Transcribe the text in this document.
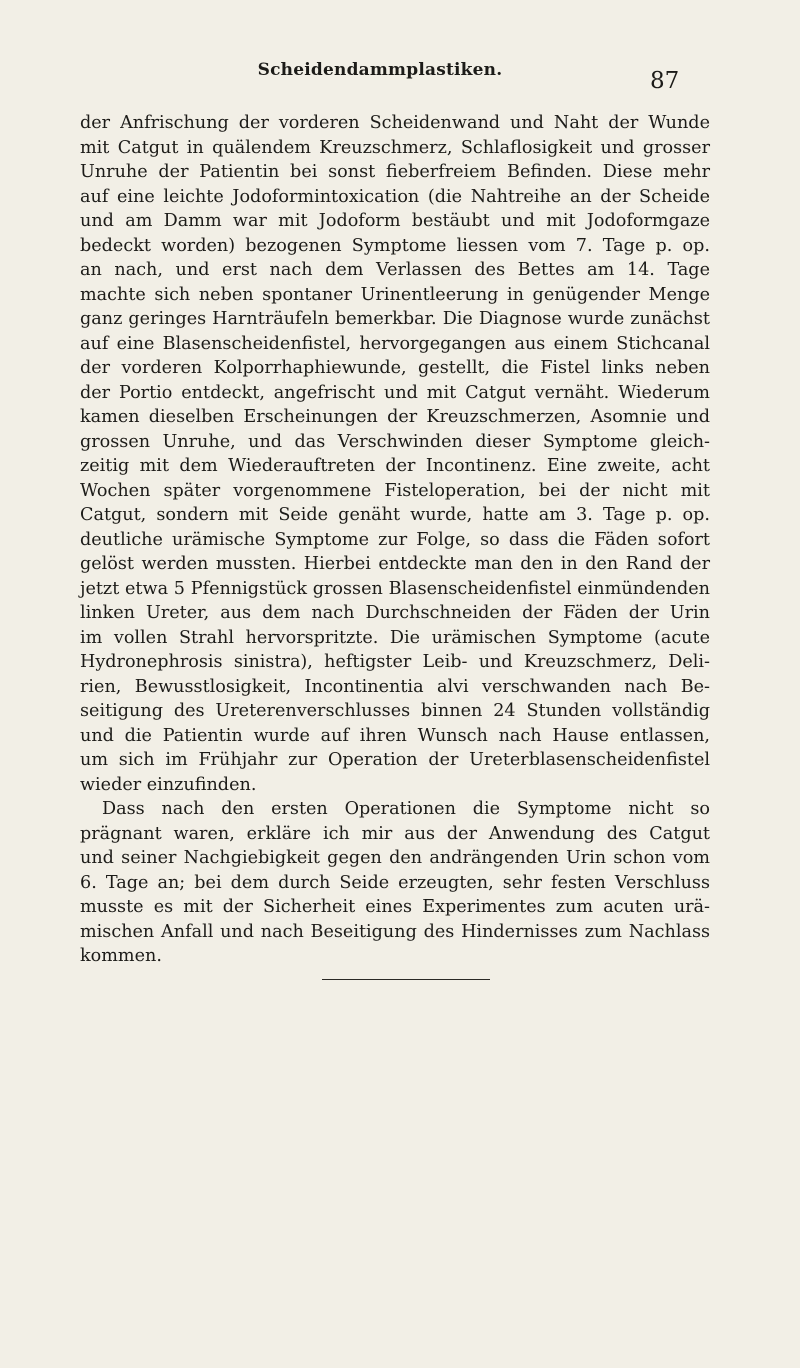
Scheidendammplastiken.	87
der Anfrischung der vorderen Scheidenwand und Naht der Wunde
mit Catgut in quälendem Kreuzschmerz, Schlaflosigkeit und grosser
Unruhe der Patientin bei sonst fieberfreiem Befinden. Diese mehr
auf eine leichte Jodoformintoxication (die Nahtreihe an der Scheide
und am Damm war mit Jodoform bestäubt und mit Jodoformgaze
bedeckt worden) bezogenen Symptome liessen vom 7. Tage p. op.
an nach, und erst nach dem Verlassen des Bettes am 14. Tage
machte sich neben spontaner Urinentleerung in genügender Menge
ganz geringes Harnträufeln bemerkbar. Die Diagnose wurde zunächst
auf eine Blasenscheidenfistel, hervorgegangen aus einem Stichcanal
der vorderen Kolporrhaphiewunde, gestellt, die Fistel links neben
der Portio entdeckt, angefrischt und mit Catgut vernäht. Wiederum
kamen dieselben Erscheinungen der Kreuzschmerzen, Asomnie und
grossen Unruhe, und das Verschwinden dieser Symptome gleich-
zeitig mit dem Wiederauftreten der Incontinenz. Eine zweite, acht
Wochen später vorgenommene Fisteloperation, bei der nicht mit
Catgut, sondern mit Seide genäht wurde, hatte am 3. Tage p. op.
deutliche urämische Symptome zur Folge, so dass die Fäden sofort
gelöst werden mussten. Hierbei entdeckte man den in den Rand der
jetzt etwa 5 Pfennigstück grossen Blasenscheidenfistel einmündenden
linken Ureter, aus dem nach Durchschneiden der Fäden der Urin
im vollen Strahl hervorspritzte. Die urämischen Symptome (acute
Hydronephrosis sinistra), heftigster Leib- und Kreuzschmerz, Deli-
rien, Bewusstlosigkeit, Incontinentia alvi verschwanden nach Be-
seitigung des Ureterenverschlusses binnen 24 Stunden vollständig
und die Patientin wurde auf ihren Wunsch nach Hause entlassen,
um sich im Frühjahr zur Operation der Ureterblasenscheidenfistel
wieder einzufinden.
Dass nach den ersten Operationen die Symptome nicht so
prägnant waren, erkläre ich mir aus der Anwendung des Catgut
und seiner Nachgiebigkeit gegen den andrängenden Urin schon vom
6. Tage an; bei dem durch Seide erzeugten, sehr festen Verschluss
musste es mit der Sicherheit eines Experimentes zum acuten urä-
mischen Anfall und nach Beseitigung des Hindernisses zum Nachlass
kommen.
